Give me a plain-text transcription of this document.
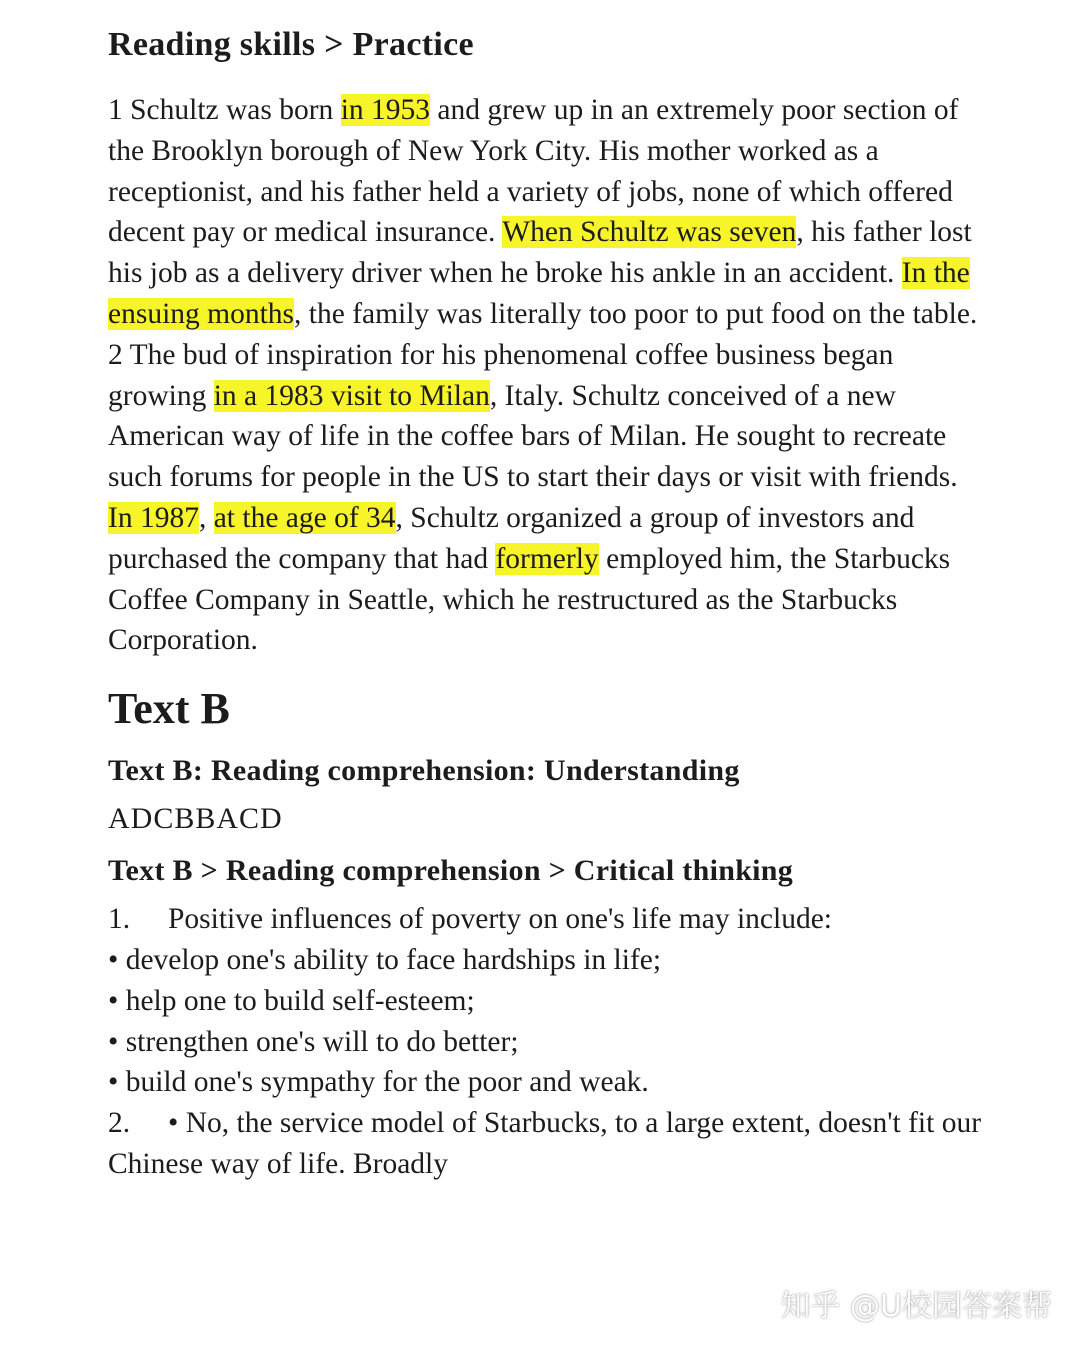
Reading skills > Practice

1 Schultz was born in 1953 and grew up in an extremely poor section of the Brooklyn borough of New York City. His mother worked as a receptionist, and his father held a variety of jobs, none of which offered decent pay or medical insurance. When Schultz was seven, his father lost his job as a delivery driver when he broke his ankle in an accident. In the ensuing months, the family was literally too poor to put food on the table.

2 The bud of inspiration for his phenomenal coffee business began growing in a 1983 visit to Milan, Italy. Schultz conceived of a new American way of life in the coffee bars of Milan. He sought to recreate such forums for people in the US to start their days or visit with friends. In 1987, at the age of 34, Schultz organized a group of investors and purchased the company that had formerly employed him, the Starbucks Coffee Company in Seattle, which he restructured as the Starbucks Corporation.

Text B
Text B: Reading comprehension: Understanding
ADCBBACD
Text B > Reading comprehension > Critical thinking
1. Positive influences of poverty on one's life may include:
• develop one's ability to face hardships in life;
• help one to build self-esteem;
• strengthen one's will to do better;
• build one's sympathy for the poor and weak.
2. • No, the service model of Starbucks, to a large extent, doesn't fit our Chinese way of life. Broadly
知乎 @U校园答案帮
